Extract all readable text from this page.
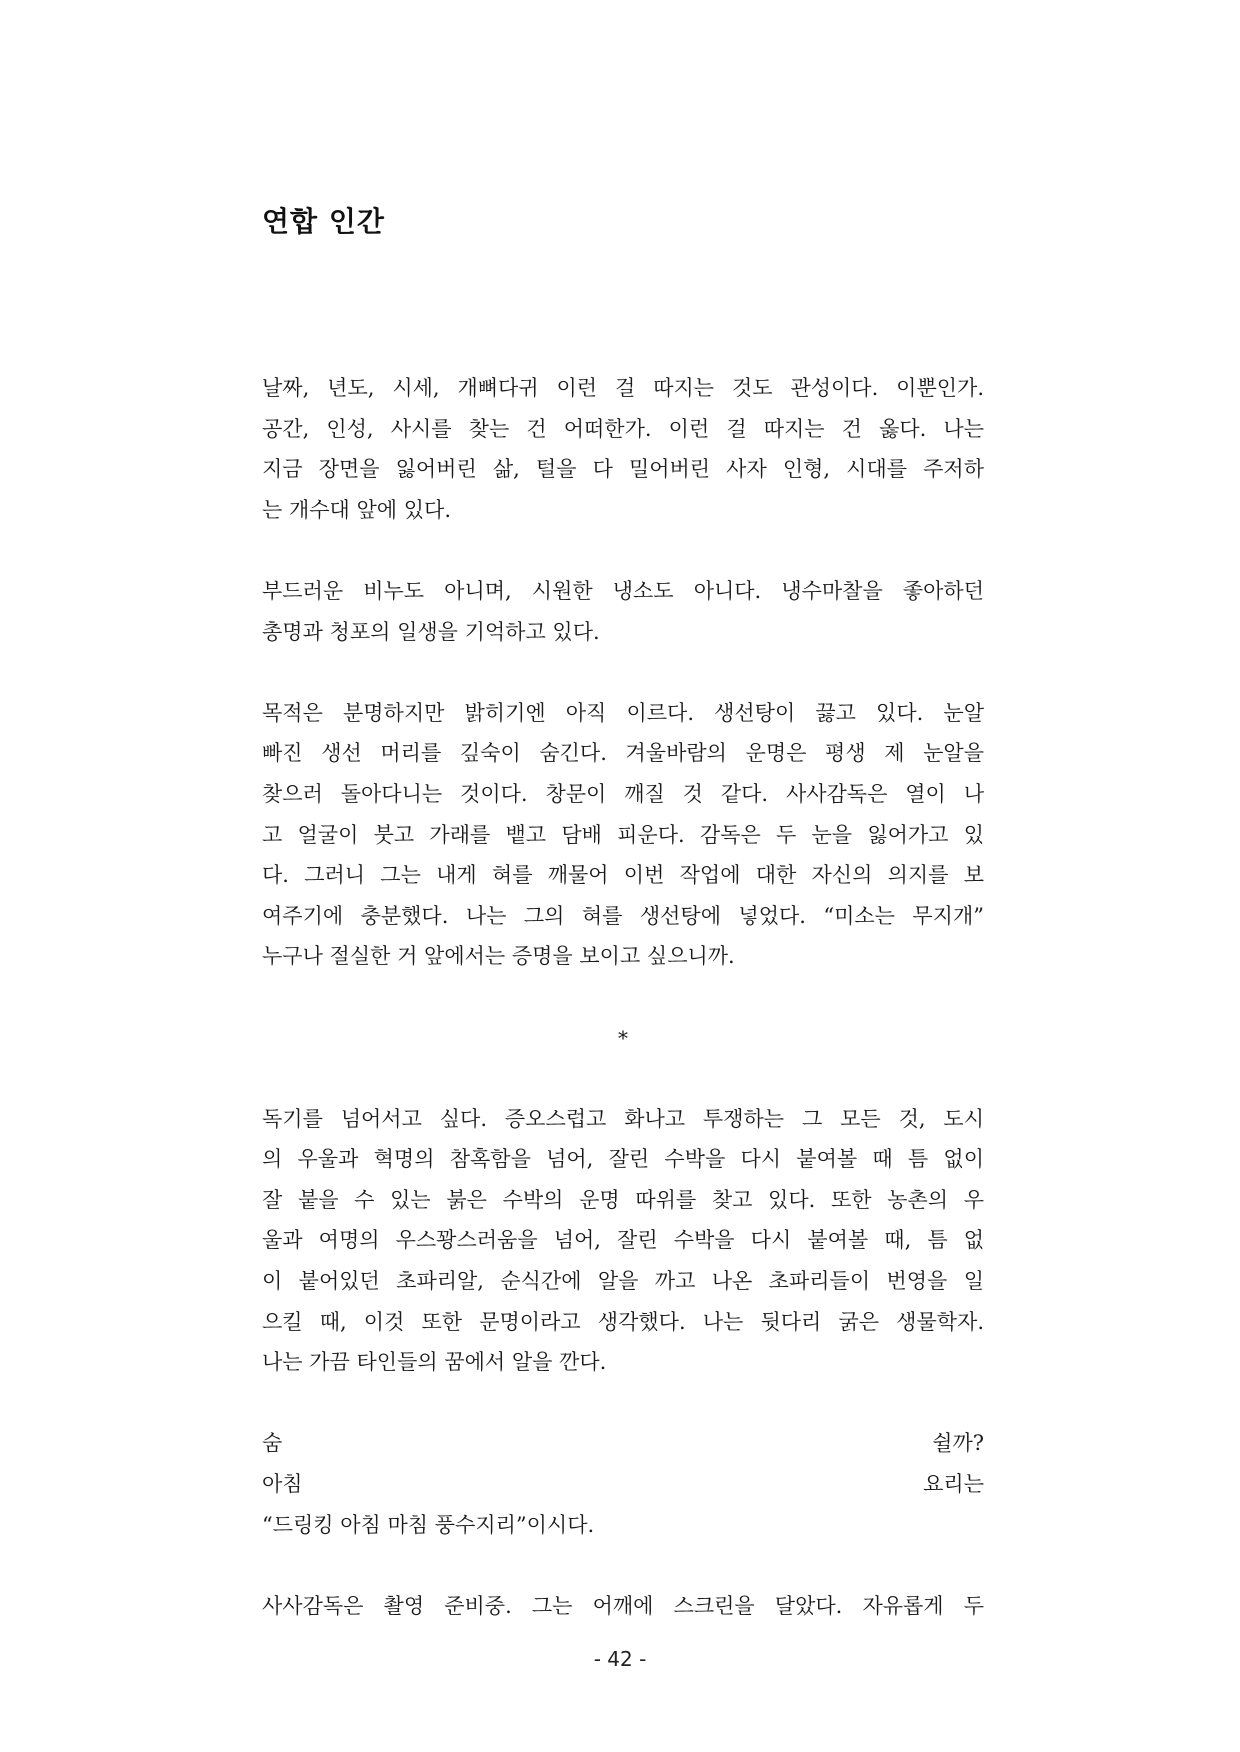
연합 인간
날짜, 년도, 시세, 개뼈다귀 이런 걸 따지는 것도 관성이다. 이뿐인가.
공간, 인성, 사시를 찾는 건 어떠한가. 이런 걸 따지는 건 옳다. 나는
지금 장면을 잃어버린 삶, 털을 다 밀어버린 사자 인형, 시대를 주저하
는 개수대 앞에 있다.
부드러운 비누도 아니며, 시원한 냉소도 아니다. 냉수마찰을 좋아하던
총명과 청포의 일생을 기억하고 있다.
목적은 분명하지만 밝히기엔 아직 이르다. 생선탕이 끓고 있다. 눈알
빠진 생선 머리를 깊숙이 숨긴다. 겨울바람의 운명은 평생 제 눈알을
찾으러 돌아다니는 것이다. 창문이 깨질 것 같다. 사사감독은 열이 나
고 얼굴이 붓고 가래를 뱉고 담배 피운다. 감독은 두 눈을 잃어가고 있
다. 그러니 그는 내게 혀를 깨물어 이번 작업에 대한 자신의 의지를 보
여주기에 충분했다. 나는 그의 혀를 생선탕에 넣었다. “미소는 무지개”
누구나 절실한 거 앞에서는 증명을 보이고 싶으니까.
*
독기를 넘어서고 싶다. 증오스럽고 화나고 투쟁하는 그 모든 것, 도시
의 우울과 혁명의 참혹함을 넘어, 잘린 수박을 다시 붙여볼 때 틈 없이
잘 붙을 수 있는 붉은 수박의 운명 따위를 찾고 있다. 또한 농촌의 우
울과 여명의 우스꽝스러움을 넘어, 잘린 수박을 다시 붙여볼 때, 틈 없
이 붙어있던 초파리알, 순식간에 알을 까고 나온 초파리들이 번영을 일
으킬 때, 이것 또한 문명이라고 생각했다. 나는 뒷다리 굵은 생물학자.
나는 가끔 타인들의 꿈에서 알을 깐다.
숨 쉴까?
아침 요리는
“드링킹 아침 마침 풍수지리”이시다.
사사감독은 촬영 준비중. 그는 어깨에 스크린을 달았다. 자유롭게 두
- 42 -
